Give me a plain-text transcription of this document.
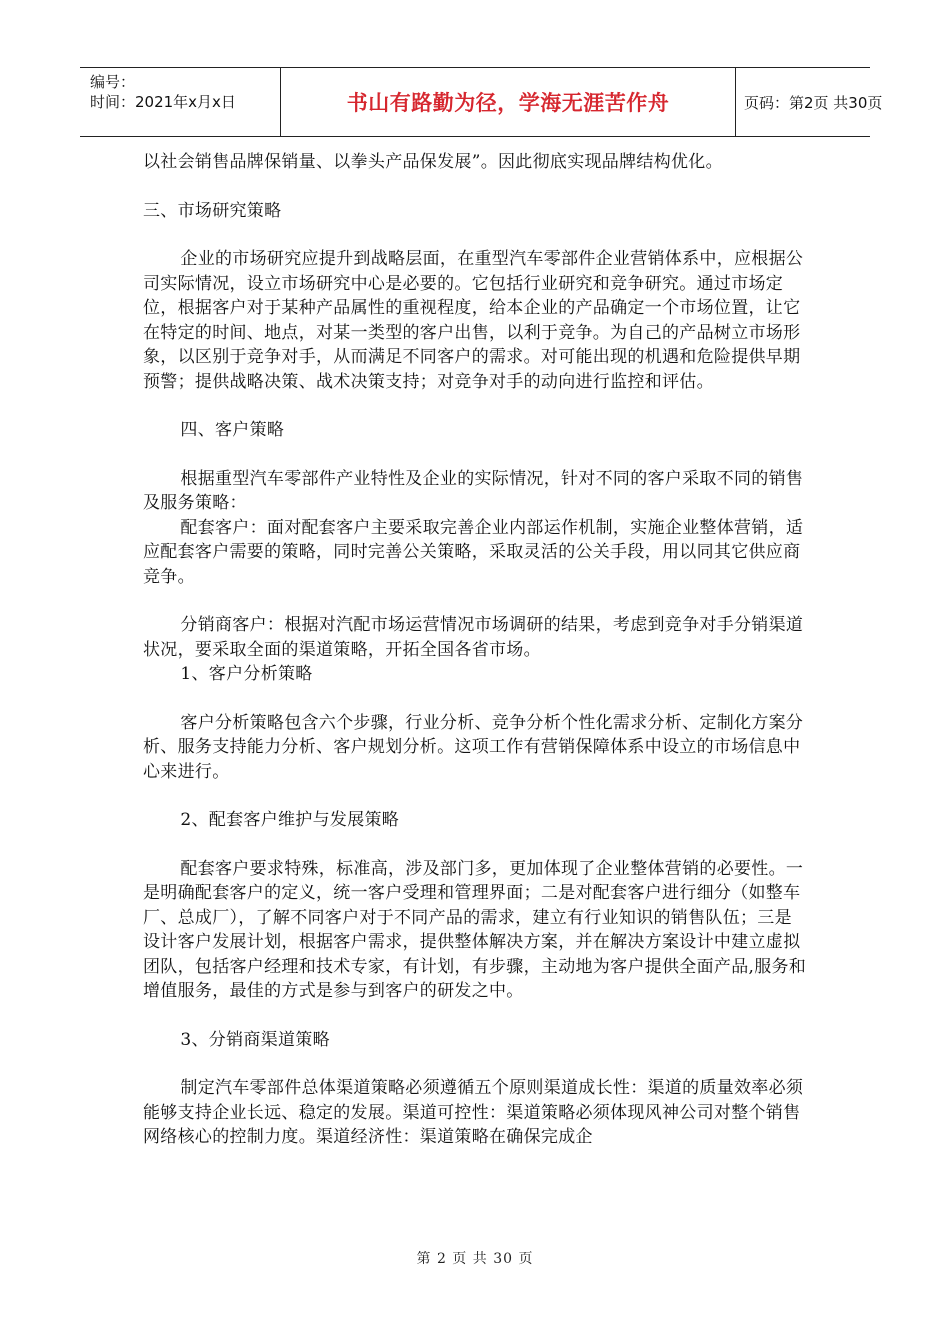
编号：
时间：2021年x月x日	书山有路勤为径，学海无涯苦作舟	页码：第2页 共30页

以社会销售品牌保销量、以拳头产品保发展”。因此彻底实现品牌结构优化。

三、市场研究策略

企业的市场研究应提升到战略层面，在重型汽车零部件企业营销体系中，应根据公司实际情况，设立市场研究中心是必要的。它包括行业研究和竞争研究。通过市场定位，根据客户对于某种产品属性的重视程度，给本企业的产品确定一个市场位置，让它在特定的时间、地点，对某一类型的客户出售，以利于竞争。为自己的产品树立市场形象，以区别于竞争对手，从而满足不同客户的需求。对可能出现的机遇和危险提供早期预警；提供战略决策、战术决策支持；对竞争对手的动向进行监控和评估。

四、客户策略

根据重型汽车零部件产业特性及企业的实际情况，针对不同的客户采取不同的销售及服务策略：

配套客户：面对配套客户主要采取完善企业内部运作机制，实施企业整体营销，适应配套客户需要的策略，同时完善公关策略，采取灵活的公关手段，用以同其它供应商竞争。

分销商客户：根据对汽配市场运营情况市场调研的结果，考虑到竞争对手分销渠道状况，要采取全面的渠道策略，开拓全国各省市场。

1、客户分析策略

客户分析策略包含六个步骤，行业分析、竞争分析个性化需求分析、定制化方案分析、服务支持能力分析、客户规划分析。这项工作有营销保障体系中设立的市场信息中心来进行。

2、配套客户维护与发展策略

配套客户要求特殊，标准高，涉及部门多，更加体现了企业整体营销的必要性。一是明确配套客户的定义，统一客户受理和管理界面；二是对配套客户进行细分（如整车厂、总成厂），了解不同客户对于不同产品的需求，建立有行业知识的销售队伍；三是设计客户发展计划，根据客户需求，提供整体解决方案，并在解决方案设计中建立虚拟团队，包括客户经理和技术专家，有计划，有步骤，主动地为客户提供全面产品,服务和增值服务，最佳的方式是参与到客户的研发之中。

3、分销商渠道策略

制定汽车零部件总体渠道策略必须遵循五个原则渠道成长性：渠道的质量效率必须能够支持企业长远、稳定的发展。渠道可控性：渠道策略必须体现风神公司对整个销售网络核心的控制力度。渠道经济性：渠道策略在确保完成企

第 2 页 共 30 页
